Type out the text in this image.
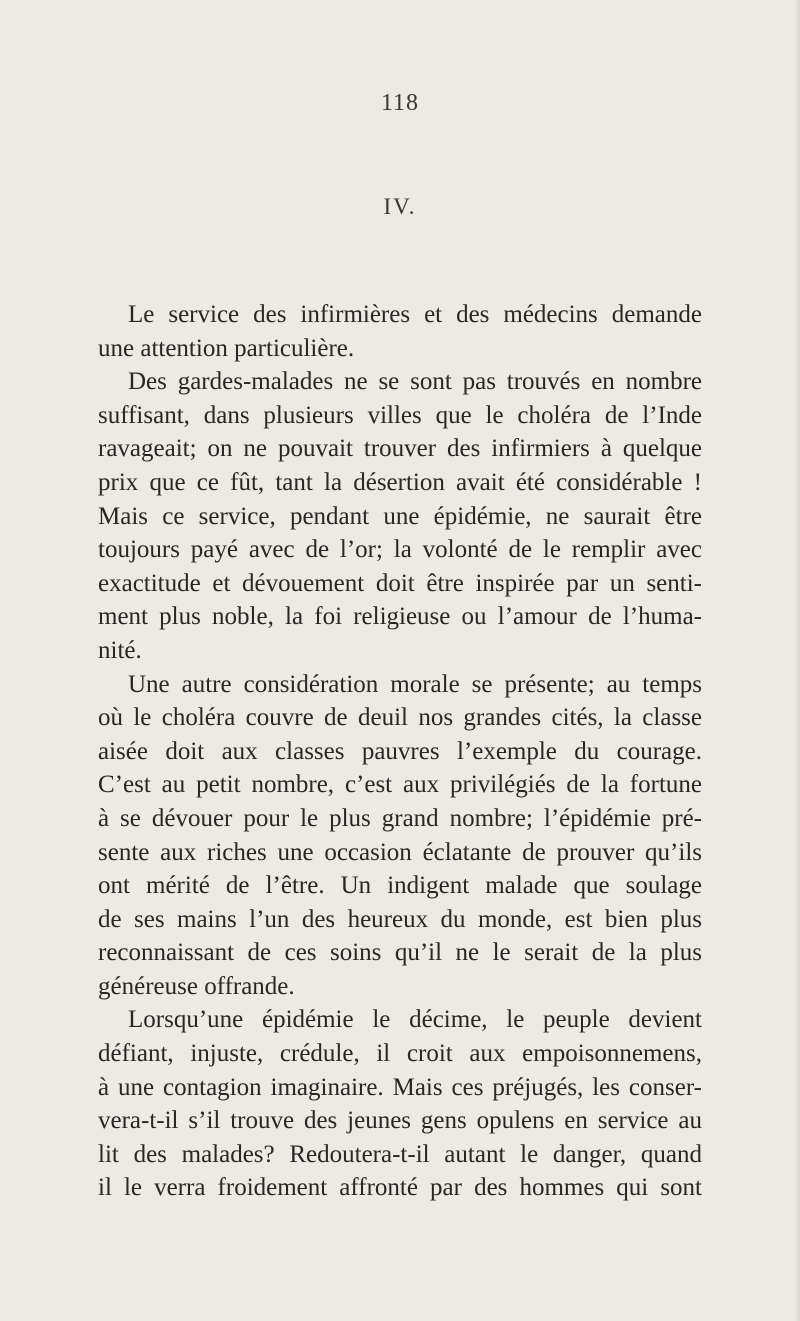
118
IV.
Le service des infirmières et des médecins demande
une attention particulière.
Des gardes-malades ne se sont pas trouvés en nombre
suffisant, dans plusieurs villes que le choléra de l’Inde
ravageait; on ne pouvait trouver des infirmiers à quelque
prix que ce fût, tant la désertion avait été considérable !
Mais ce service, pendant une épidémie, ne saurait être
toujours payé avec de l’or; la volonté de le remplir avec
exactitude et dévouement doit être inspirée par un senti-
ment plus noble, la foi religieuse ou l’amour de l’huma-
nité.
Une autre considération morale se présente; au temps
où le choléra couvre de deuil nos grandes cités, la classe
aisée doit aux classes pauvres l’exemple du courage.
C’est au petit nombre, c’est aux privilégiés de la fortune
à se dévouer pour le plus grand nombre; l’épidémie pré-
sente aux riches une occasion éclatante de prouver qu’ils
ont mérité de l’être. Un indigent malade que soulage
de ses mains l’un des heureux du monde, est bien plus
reconnaissant de ces soins qu’il ne le serait de la plus
généreuse offrande.
Lorsqu’une épidémie le décime, le peuple devient
défiant, injuste, crédule, il croit aux empoisonnemens,
à une contagion imaginaire. Mais ces préjugés, les conser-
vera-t-il s’il trouve des jeunes gens opulens en service au
lit des malades? Redoutera-t-il autant le danger, quand
il le verra froidement affronté par des hommes qui sont
